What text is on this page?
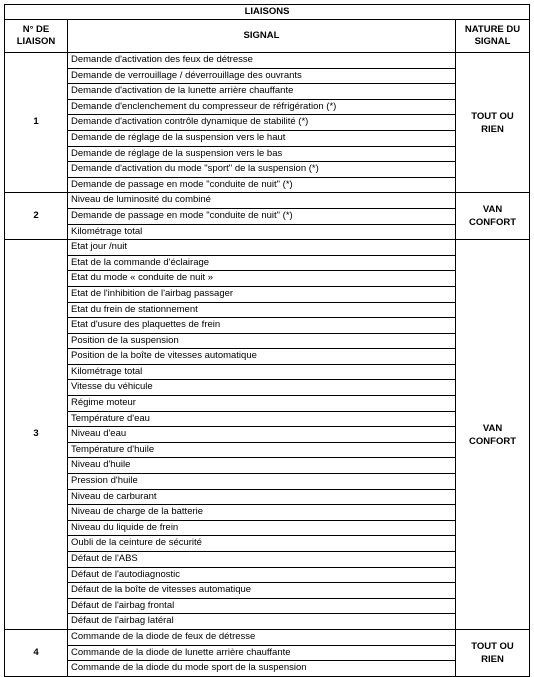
LIAISONS		
N° DE LIAISON	SIGNAL	NATURE DU SIGNAL
1	Demande d'activation des feux de détresse	TOUT OU RIEN
	Demande de verrouillage / déverrouillage des ouvrants	
	Demande d'activation de la lunette arrière chauffante	
	Demande d'enclenchement du compresseur de réfrigération (*)	
	Demande d'activation contrôle dynamique de stabilité (*)	
	Demande de réglage de la suspension vers le haut	
	Demande de réglage de la suspension vers le bas	
	Demande d'activation du mode "sport" de la suspension (*)	
	Demande de passage en mode "conduite de nuit" (*)	
2	Niveau de luminosité du combiné	VAN CONFORT
	Demande de passage en mode "conduite de nuit" (*)	
	Kilométrage total	
3	Etat jour /nuit	VAN CONFORT
	Etat de la commande d'éclairage	
	Etat du mode « conduite de nuit »	
	Etat de l'inhibition de l'airbag passager	
	Etat du frein de stationnement	
	Etat d'usure des plaquettes de frein	
	Position de la suspension	
	Position de la boîte de vitesses automatique	
	Kilométrage total	
	Vitesse du véhicule	
	Régime moteur	
	Température d'eau	
	Niveau d'eau	
	Température d'huile	
	Niveau d'huile	
	Pression d'huile	
	Niveau de carburant	
	Niveau de charge de la batterie	
	Niveau du liquide de frein	
	Oubli de la ceinture de sécurité	
	Défaut de l'ABS	
	Défaut de l'autodiagnostic	
	Défaut de la boîte de vitesses automatique	
	Défaut de l'airbag frontal	
	Défaut de l'airbag latéral	
4	Commande de la diode de feux de détresse	TOUT OU RIEN
	Commande de la diode de lunette arrière chauffante	
	Commande de la diode du mode sport de la suspension	
